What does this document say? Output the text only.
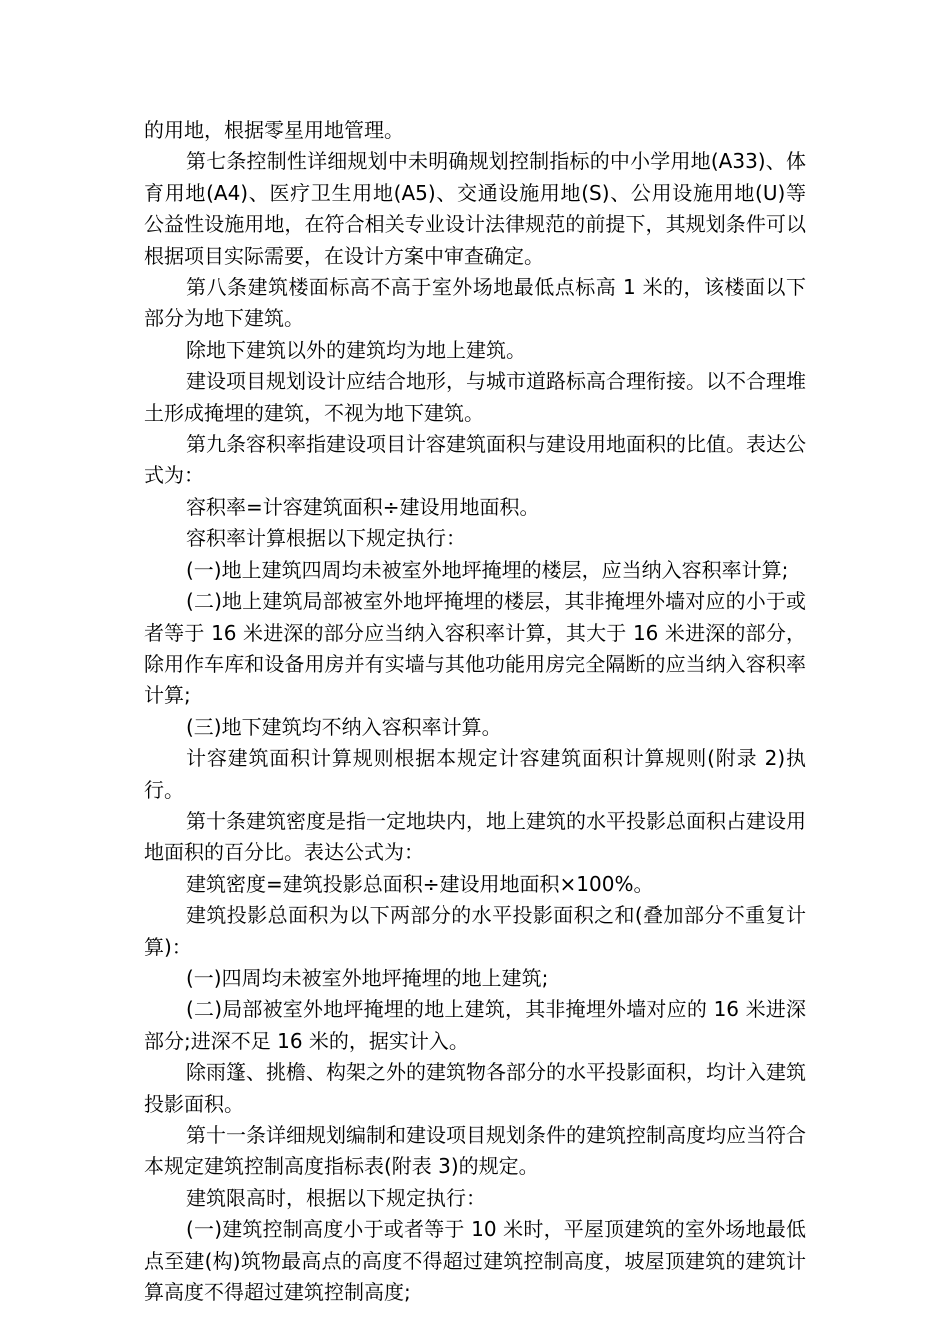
的用地，根据零星用地管理。

第七条控制性详细规划中未明确规划控制指标的中小学用地(A33)、体育用地(A4)、医疗卫生用地(A5)、交通设施用地(S)、公用设施用地(U)等公益性设施用地，在符合相关专业设计法律规范的前提下，其规划条件可以根据项目实际需要，在设计方案中审查确定。

第八条建筑楼面标高不高于室外场地最低点标高 1 米的，该楼面以下部分为地下建筑。

除地下建筑以外的建筑均为地上建筑。

建设项目规划设计应结合地形，与城市道路标高合理衔接。以不合理堆土形成掩埋的建筑，不视为地下建筑。

第九条容积率指建设项目计容建筑面积与建设用地面积的比值。表达公式为：

容积率=计容建筑面积÷建设用地面积。

容积率计算根据以下规定执行：

(一)地上建筑四周均未被室外地坪掩埋的楼层，应当纳入容积率计算;

(二)地上建筑局部被室外地坪掩埋的楼层，其非掩埋外墙对应的小于或者等于 16 米进深的部分应当纳入容积率计算，其大于 16 米进深的部分，除用作车库和设备用房并有实墙与其他功能用房完全隔断的应当纳入容积率计算;

(三)地下建筑均不纳入容积率计算。

计容建筑面积计算规则根据本规定计容建筑面积计算规则(附录 2)执行。

第十条建筑密度是指一定地块内，地上建筑的水平投影总面积占建设用地面积的百分比。表达公式为：

建筑密度=建筑投影总面积÷建设用地面积×100%。

建筑投影总面积为以下两部分的水平投影面积之和(叠加部分不重复计算)：

(一)四周均未被室外地坪掩埋的地上建筑;

(二)局部被室外地坪掩埋的地上建筑，其非掩埋外墙对应的 16 米进深部分;进深不足 16 米的，据实计入。

除雨篷、挑檐、构架之外的建筑物各部分的水平投影面积，均计入建筑投影面积。

第十一条详细规划编制和建设项目规划条件的建筑控制高度均应当符合本规定建筑控制高度指标表(附表 3)的规定。

建筑限高时，根据以下规定执行：

(一)建筑控制高度小于或者等于 10 米时，平屋顶建筑的室外场地最低点至建(构)筑物最高点的高度不得超过建筑控制高度，坡屋顶建筑的建筑计算高度不得超过建筑控制高度;
